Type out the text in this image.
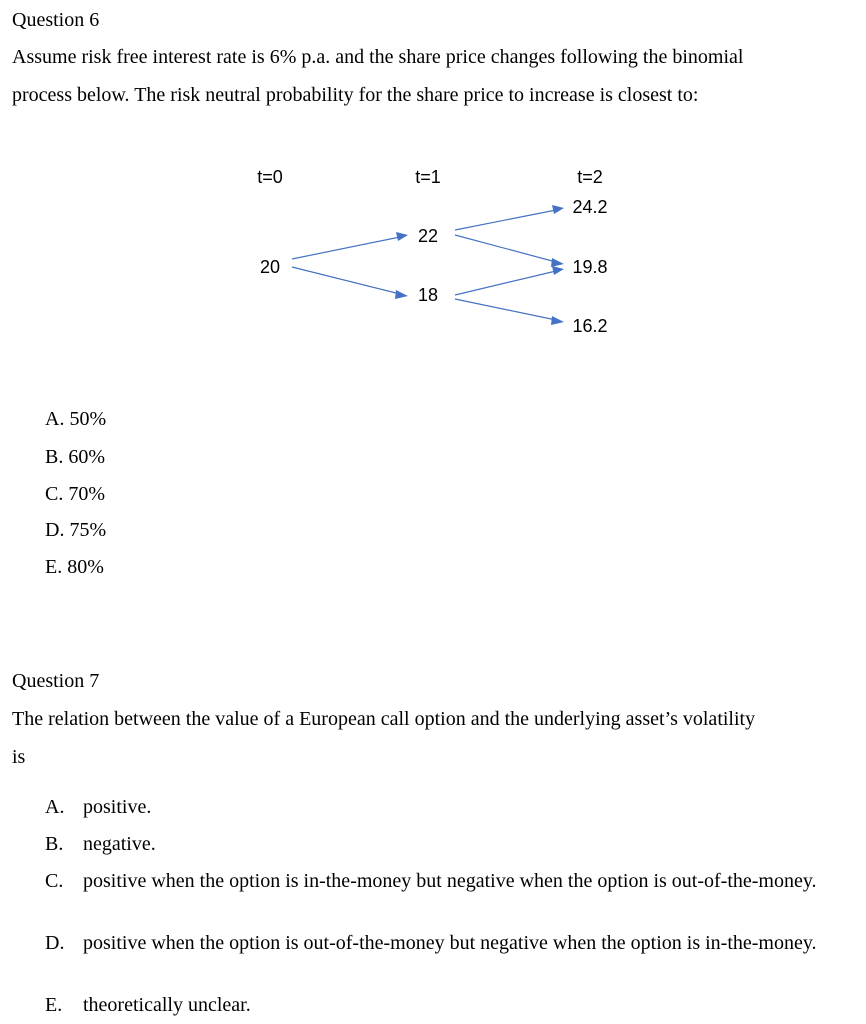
Question 6
Assume risk free interest rate is 6% p.a. and the share price changes following the binomial
process below. The risk neutral probability for the share price to increase is closest to:
t=0	t=1	t=2
20
22
18
24.2
19.8
16.2
A. 50%
B. 60%
C. 70%
D. 75%
E. 80%
Question 7
The relation between the value of a European call option and the underlying asset’s volatility
is
A. positive.
B. negative.
C. positive when the option is in-the-money but negative when the option is out-of-the-money.
D. positive when the option is out-of-the-money but negative when the option is in-the-money.
E. theoretically unclear.
